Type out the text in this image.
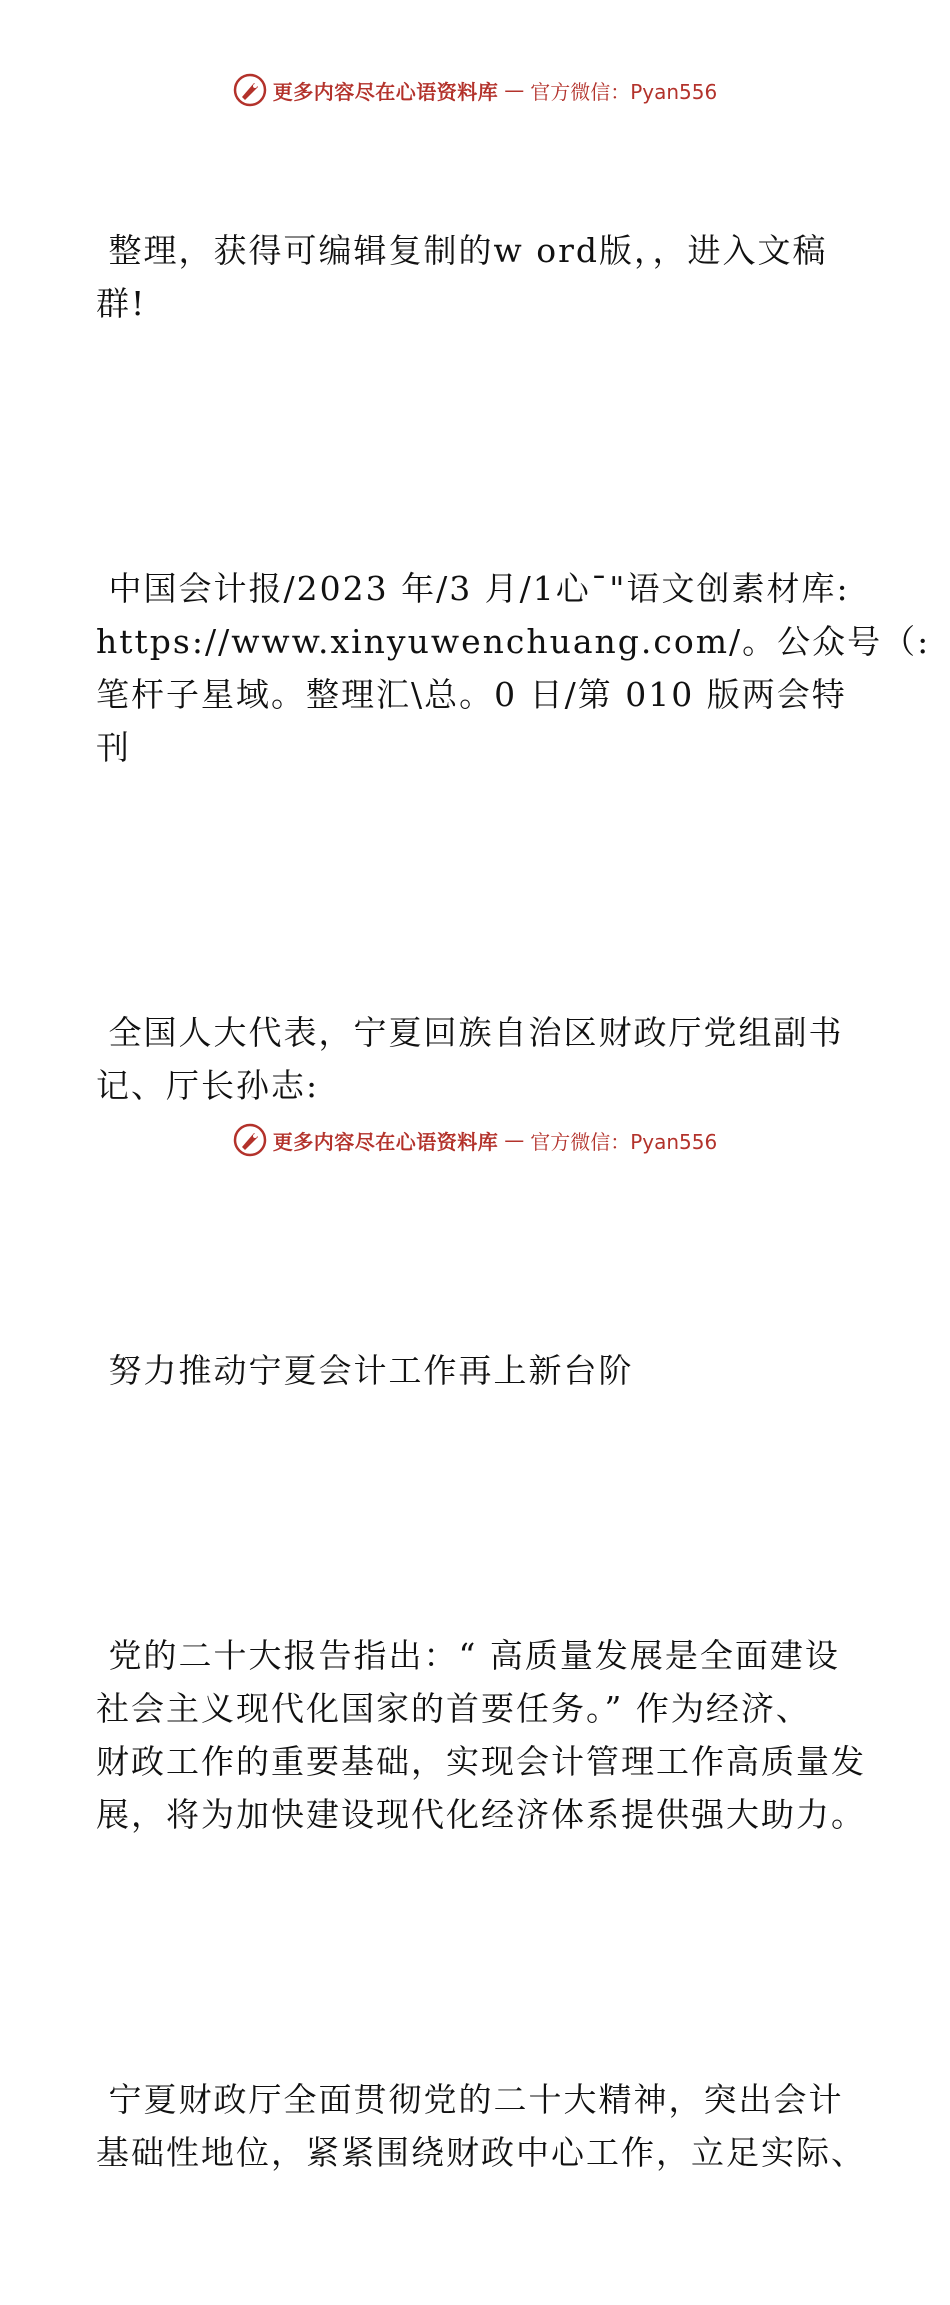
更多内容尽在心语资料库 — 官方微信：Pyan556

整理，获得可编辑复制的w ord版，，进入文稿
群!

中国会计报/2023 年/3 月/1心¯"语文创素材库:
https://www.xinyuwenchuang.com/。公众号（:
笔杆子星域。整理汇\总。0 日/第 010 版两会特
刊

全国人大代表，宁夏回族自治区财政厅党组副书
记、厅长孙志:

努力推动宁夏会计工作再上新台阶

党的二十大报告指出：“ 高质量发展是全面建设
社会主义现代化国家的首要任务。” 作为经济、
财政工作的重要基础，实现会计管理工作高质量发
展，将为加快建设现代化经济体系提供强大助力。

宁夏财政厅全面贯彻党的二十大精神，突出会计
基础性地位，紧紧围绕财政中心工作，立足实际、

更多内容尽在心语资料库 — 官方微信：Pyan556
